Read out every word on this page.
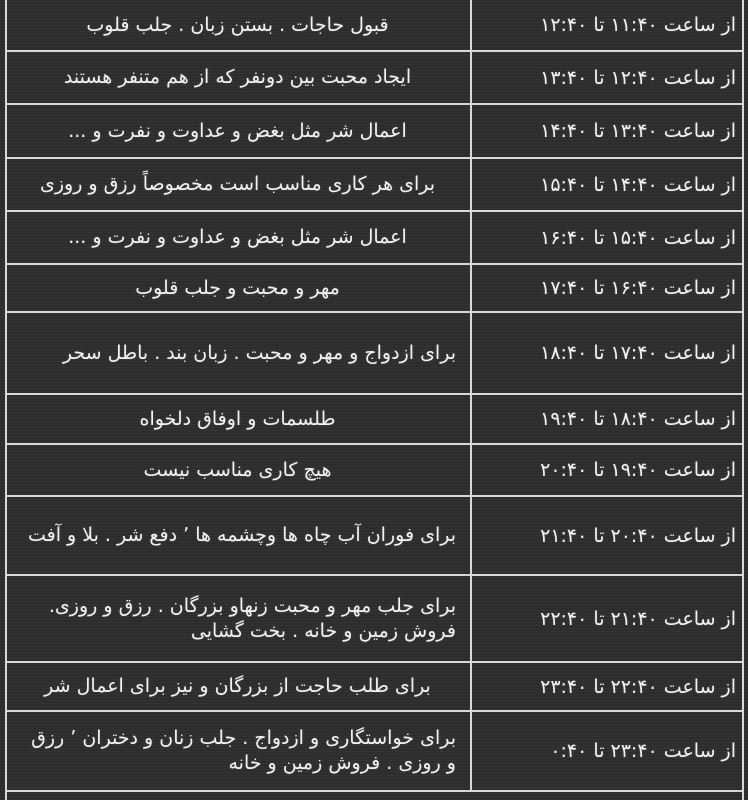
از ساعت ۱۱:۴۰ تا ۱۲:۴۰
قبول حاجات . بستن زبان . جلب قلوب
از ساعت ۱۲:۴۰ تا ۱۳:۴۰
ایجاد محبت بین دونفر که از هم متنفر هستند
از ساعت ۱۳:۴۰ تا ۱۴:۴۰
اعمال شر مثل بغض و عداوت و نفرت و ...
از ساعت ۱۴:۴۰ تا ۱۵:۴۰
برای هر کاری مناسب است مخصوصاً رزق و روزی
از ساعت ۱۵:۴۰ تا ۱۶:۴۰
اعمال شر مثل بغض و عداوت و نفرت و ...
از ساعت ۱۶:۴۰ تا ۱۷:۴۰
مهر و محبت و جلب قلوب
از ساعت ۱۷:۴۰ تا ۱۸:۴۰
برای ازدواج و مهر و محبت . زبان بند . باطل سحر
از ساعت ۱۸:۴۰ تا ۱۹:۴۰
طلسمات و اوفاق دلخواه
از ساعت ۱۹:۴۰ تا ۲۰:۴۰
هیچ کاری مناسب نیست
از ساعت ۲۰:۴۰ تا ۲۱:۴۰
برای فوران آب چاه ها وچشمه ها ٬ دفع شر . بلا و آفت
از ساعت ۲۱:۴۰ تا ۲۲:۴۰
برای جلب مهر و محبت زنهاو بزرگان . رزق و روزی. فروش زمین و خانه . بخت گشایی
از ساعت ۲۲:۴۰ تا ۲۳:۴۰
برای طلب حاجت از بزرگان و نیز برای اعمال شر
از ساعت ۲۳:۴۰ تا ۰:۴۰
برای خواستگاری و ازدواج . جلب زنان و دختران ٬ رزق و روزی . فروش زمین و خانه
